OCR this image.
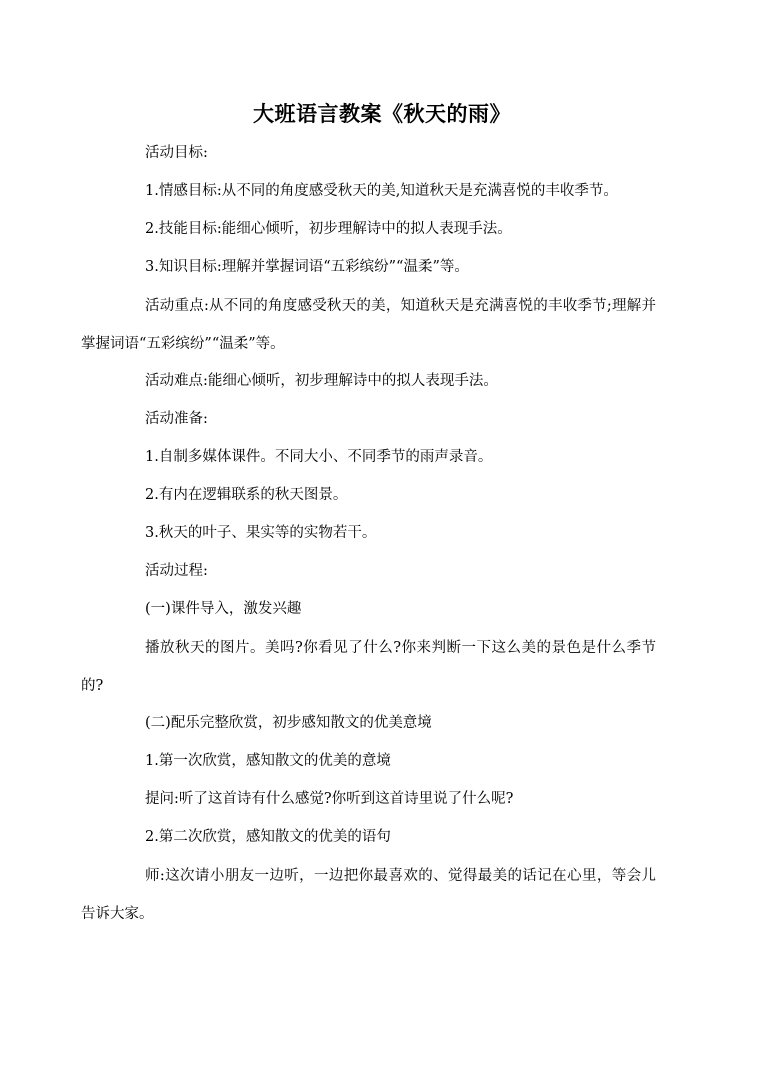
大班语言教案《秋天的雨》
活动目标:
1.情感目标:从不同的角度感受秋天的美,知道秋天是充满喜悦的丰收季节。
2.技能目标:能细心倾听，初步理解诗中的拟人表现手法。
3.知识目标:理解并掌握词语“五彩缤纷”“温柔”等。
活动重点:从不同的角度感受秋天的美，知道秋天是充满喜悦的丰收季节;理解并掌握词语“五彩缤纷”“温柔”等。
活动难点:能细心倾听，初步理解诗中的拟人表现手法。
活动准备:
1.自制多媒体课件。不同大小、不同季节的雨声录音。
2.有内在逻辑联系的秋天图景。
3.秋天的叶子、果实等的实物若干。
活动过程:
(一)课件导入，激发兴趣
播放秋天的图片。美吗?你看见了什么?你来判断一下这么美的景色是什么季节的?
(二)配乐完整欣赏，初步感知散文的优美意境
1.第一次欣赏，感知散文的优美的意境
提问:听了这首诗有什么感觉?你听到这首诗里说了什么呢?
2.第二次欣赏，感知散文的优美的语句
师:这次请小朋友一边听，一边把你最喜欢的、觉得最美的话记在心里，等会儿告诉大家。
